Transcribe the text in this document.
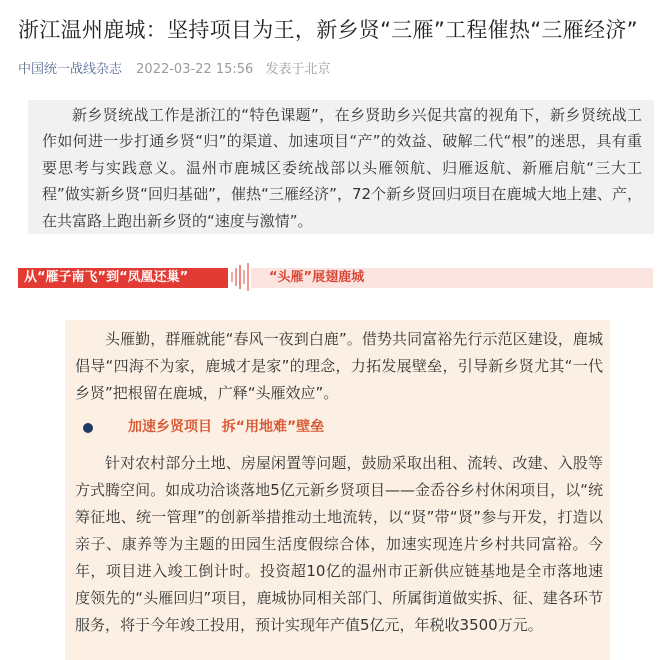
浙江温州鹿城：坚持项目为王，新乡贤“三雁”工程催热“三雁经济”
中国统一战线杂志 2022-03-22 15:56 发表于北京

新乡贤统战工作是浙江的“特色课题”，在乡贤助乡兴促共富的视角下，新乡贤统战工作如何进一步打通乡贤“归”的渠道、加速项目“产”的效益、破解二代“根”的迷思，具有重要思考与实践意义。温州市鹿城区委统战部以头雁领航、归雁返航、新雁启航“三大工程”做实新乡贤“回归基础”，催热“三雁经济”，72个新乡贤回归项目在鹿城大地上建、产，在共富路上跑出新乡贤的“速度与激情”。

从“雁子南飞”到“凤凰还巢”	“头雁”展翅鹿城

头雁勤，群雁就能“春风一夜到白鹿”。借势共同富裕先行示范区建设，鹿城倡导“四海不为家，鹿城才是家”的理念，力拓发展壁垒，引导新乡贤尤其“一代乡贤”把根留在鹿城，广释“头雁效应”。

加速乡贤项目  拆“用地难”壁垒

针对农村部分土地、房屋闲置等问题，鼓励采取出租、流转、改建、入股等方式腾空间。如成功洽谈落地5亿元新乡贤项目——金岙谷乡村休闲项目，以“统筹征地、统一管理”的创新举措推动土地流转，以“贤”带“贤”参与开发，打造以亲子、康养等为主题的田园生活度假综合体，加速实现连片乡村共同富裕。今年，项目进入竣工倒计时。投资超10亿的温州市正新供应链基地是全市落地速度领先的“头雁回归”项目，鹿城协同相关部门、所属街道做实拆、征、建各环节服务，将于今年竣工投用，预计实现年产值5亿元，年税收3500万元。
